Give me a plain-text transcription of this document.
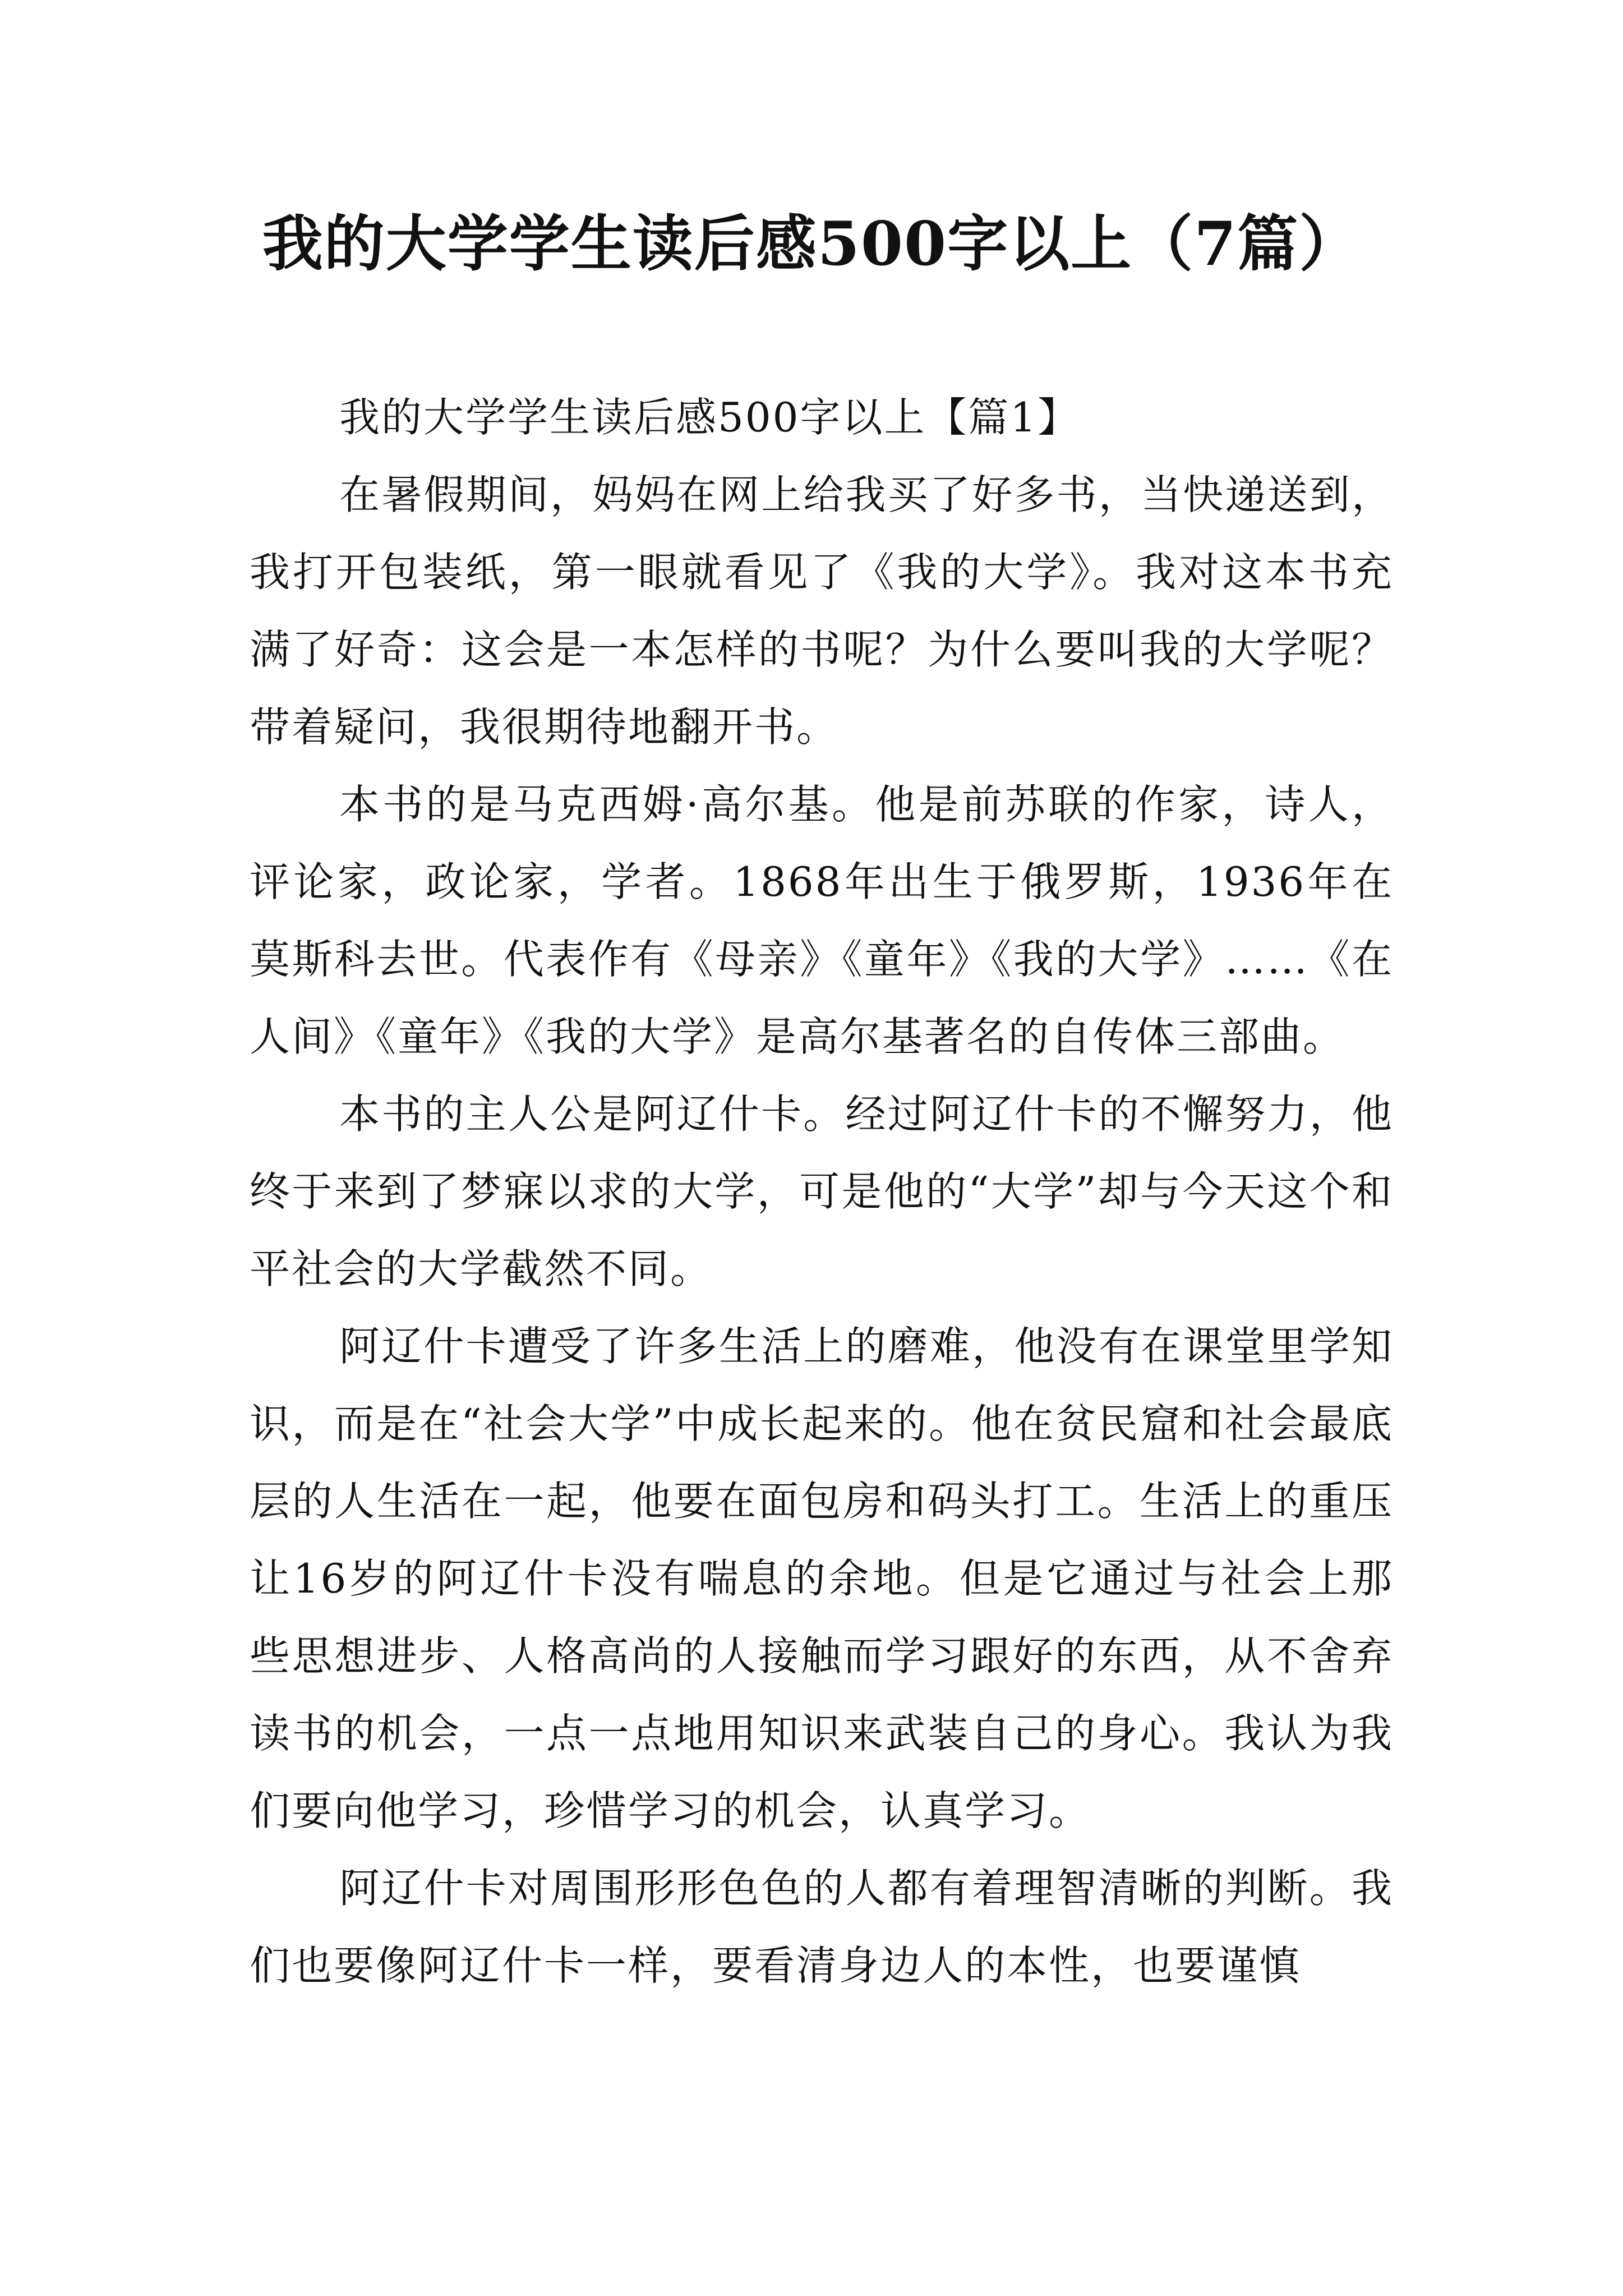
我的大学学生读后感500字以上（7篇）

我的大学学生读后感500字以上【篇1】

在暑假期间，妈妈在网上给我买了好多书，当快递送到，我打开包装纸，第一眼就看见了《我的大学》。我对这本书充满了好奇：这会是一本怎样的书呢？为什么要叫我的大学呢？带着疑问，我很期待地翻开书。

本书的是马克西姆·高尔基。他是前苏联的作家，诗人，评论家，政论家，学者。1868年出生于俄罗斯，1936年在莫斯科去世。代表作有《母亲》《童年》《我的大学》……《在人间》《童年》《我的大学》是高尔基著名的自传体三部曲。

本书的主人公是阿辽什卡。经过阿辽什卡的不懈努力，他终于来到了梦寐以求的大学，可是他的“大学”却与今天这个和平社会的大学截然不同。

阿辽什卡遭受了许多生活上的磨难，他没有在课堂里学知识，而是在“社会大学”中成长起来的。他在贫民窟和社会最底层的人生活在一起，他要在面包房和码头打工。生活上的重压让16岁的阿辽什卡没有喘息的余地。但是它通过与社会上那些思想进步、人格高尚的人接触而学习跟好的东西，从不舍弃读书的机会，一点一点地用知识来武装自己的身心。我认为我们要向他学习，珍惜学习的机会，认真学习。

阿辽什卡对周围形形色色的人都有着理智清晰的判断。我们也要像阿辽什卡一样，要看清身边人的本性，也要谨慎
